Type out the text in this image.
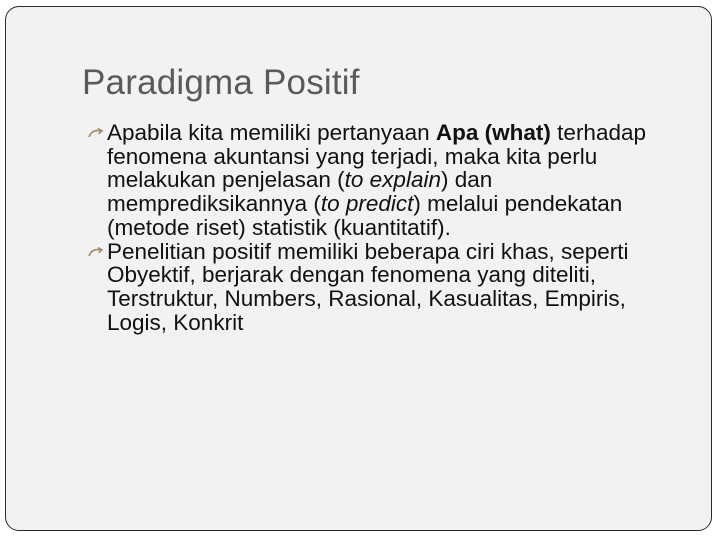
Paradigma Positif
Apabila kita memiliki pertanyaan Apa (what) terhadap fenomena akuntansi yang terjadi, maka kita perlu melakukan penjelasan (to explain) dan memprediksikannya (to predict) melalui pendekatan (metode riset) statistik (kuantitatif).
Penelitian positif memiliki beberapa ciri khas, seperti Obyektif, berjarak dengan fenomena yang diteliti, Terstruktur, Numbers, Rasional, Kasualitas, Empiris, Logis, Konkrit
